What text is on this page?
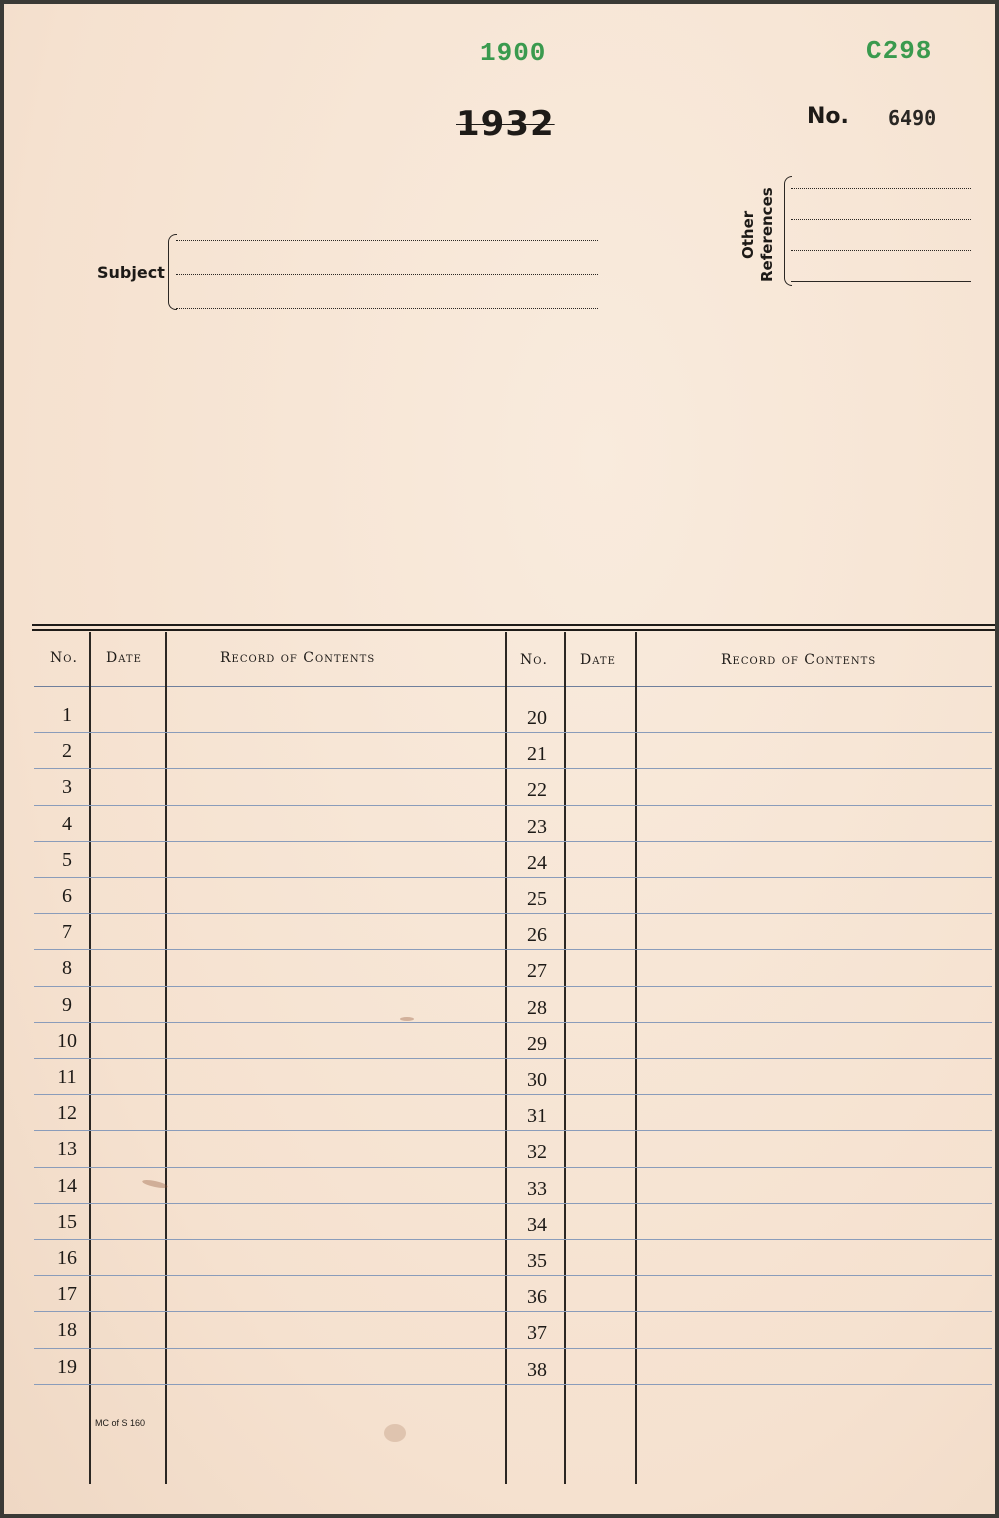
1900	C298
1932	No. 6490
Subject
Other References
No. Date	Record of Contents	No. Date	Record of Contents
1	20
2	21
3	22
4	23
5	24
6	25
7	26
8	27
9	28
10	29
11	30
12	31
13	32
14	33
15	34
16	35
17	36
18	37
19	38
MC of S 160
